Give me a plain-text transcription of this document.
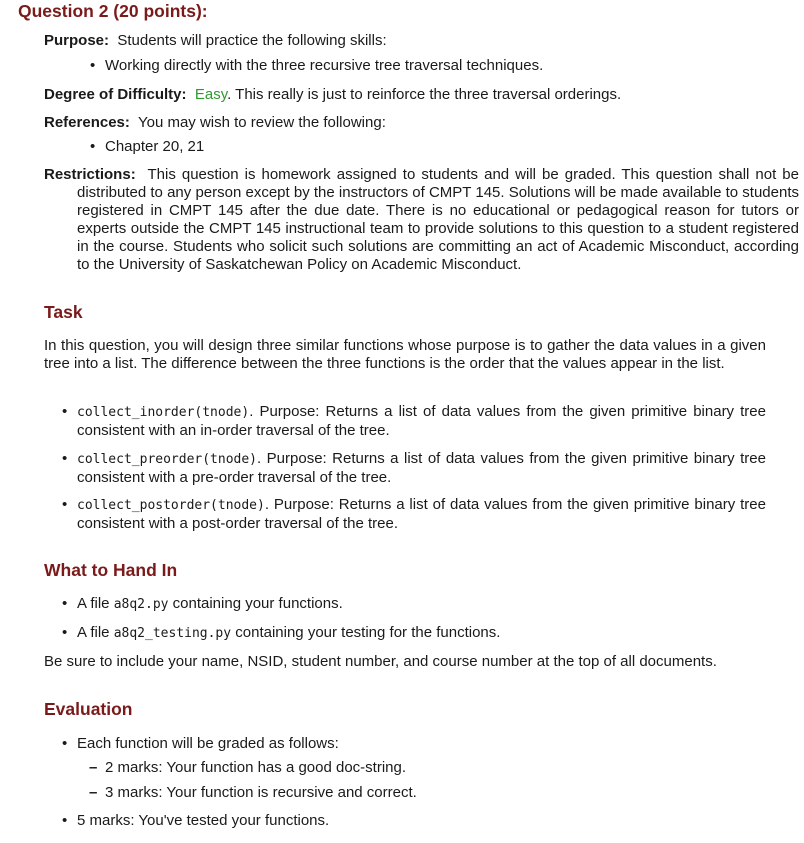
Question 2 (20 points):
Purpose: Students will practice the following skills:
• Working directly with the three recursive tree traversal techniques.
Degree of Difficulty: Easy. This really is just to reinforce the three traversal orderings.
References: You may wish to review the following:
• Chapter 20, 21
Restrictions: This question is homework assigned to students and will be graded. This question shall not be distributed to any person except by the instructors of CMPT 145. Solutions will be made available to students registered in CMPT 145 after the due date. There is no educational or pedagogical reason for tutors or experts outside the CMPT 145 instructional team to provide solutions to this question to a student registered in the course. Students who solicit such solutions are committing an act of Academic Misconduct, according to the University of Saskatchewan Policy on Academic Misconduct.
Task
In this question, you will design three similar functions whose purpose is to gather the data values in a given tree into a list. The difference between the three functions is the order that the values appear in the list.
• collect_inorder(tnode). Purpose: Returns a list of data values from the given primitive binary tree consistent with an in-order traversal of the tree.
• collect_preorder(tnode). Purpose: Returns a list of data values from the given primitive binary tree consistent with a pre-order traversal of the tree.
• collect_postorder(tnode). Purpose: Returns a list of data values from the given primitive binary tree consistent with a post-order traversal of the tree.
What to Hand In
• A file a8q2.py containing your functions.
• A file a8q2_testing.py containing your testing for the functions.
Be sure to include your name, NSID, student number, and course number at the top of all documents.
Evaluation
• Each function will be graded as follows:
– 2 marks: Your function has a good doc-string.
– 3 marks: Your function is recursive and correct.
• 5 marks: You've tested your functions.
